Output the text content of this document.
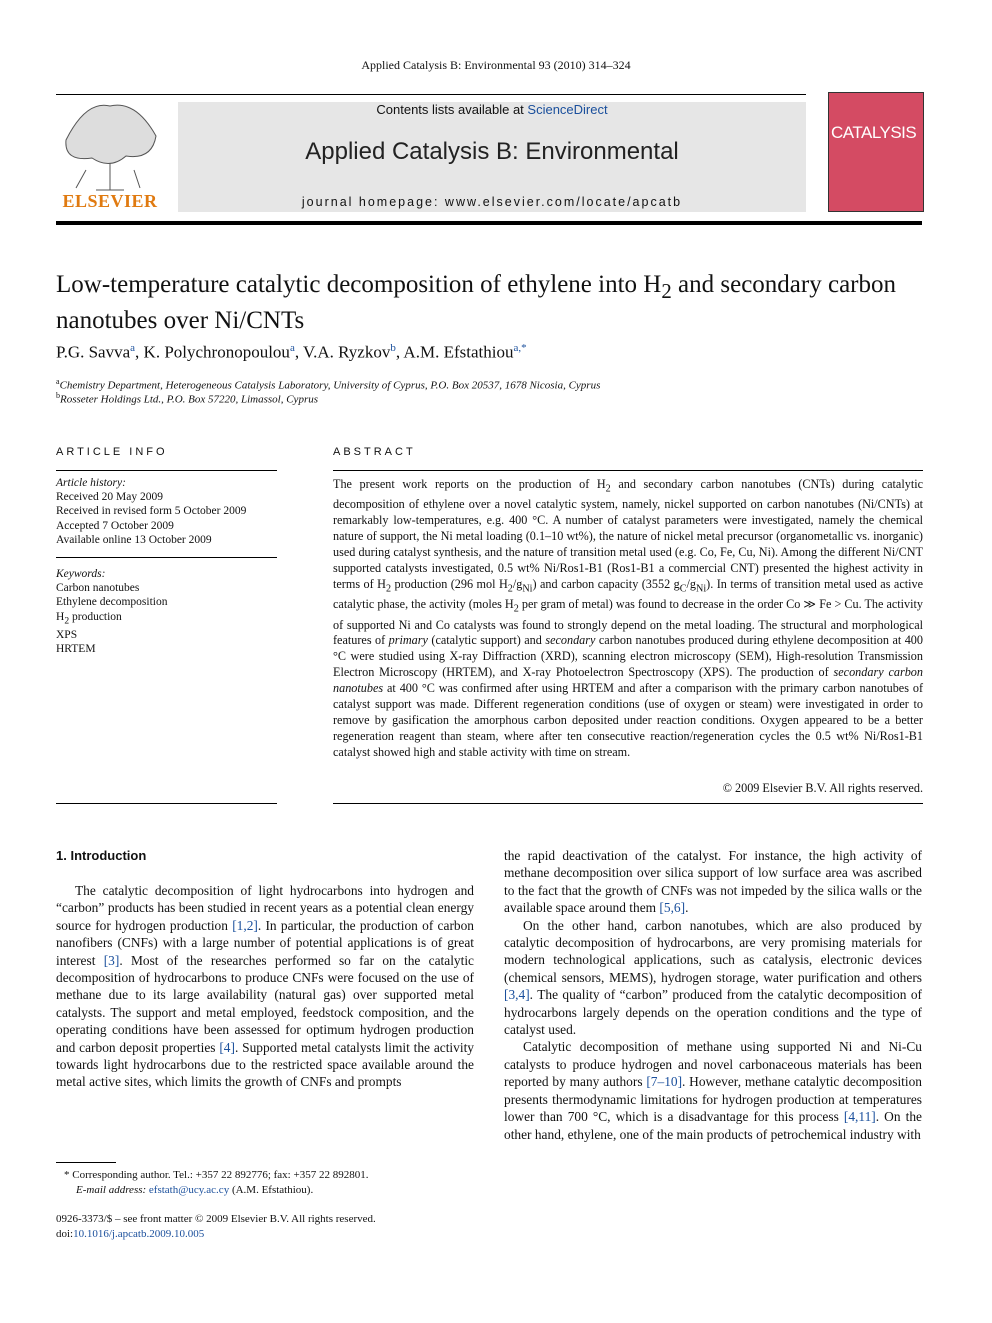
Applied Catalysis B: Environmental 93 (2010) 314–324
ELSEVIER
Contents lists available at ScienceDirect
Applied Catalysis B: Environmental
journal homepage: www.elsevier.com/locate/apcatb
CATALYSIS
Low-temperature catalytic decomposition of ethylene into $H_2$ and secondary carbon nanotubes over Ni/CNTs
P.G. Savva$^a$, K. Polychronopoulou$^a$, V.A. Ryzkov$^b$, A.M. Efstathiou$^{a,*}$
$^a$Chemistry Department, Heterogeneous Catalysis Laboratory, University of Cyprus, P.O. Box 20537, 1678 Nicosia, Cyprus
$^b$Rosseter Holdings Ltd., P.O. Box 57220, Limassol, Cyprus
ARTICLE INFO
Article history:
Received 20 May 2009
Received in revised form 5 October 2009
Accepted 7 October 2009
Available online 13 October 2009
Keywords:
Carbon nanotubes
Ethylene decomposition
$H_2$ production
XPS
HRTEM
ABSTRACT
The present work reports on the production of $H_2$ and secondary carbon nanotubes (CNTs) during catalytic decomposition of ethylene over a novel catalytic system, namely, nickel supported on carbon nanotubes (Ni/CNTs) at remarkably low-temperatures, e.g. 400 °C. A number of catalyst parameters were investigated, namely the chemical nature of support, the Ni metal loading (0.1–10 wt%), the nature of nickel metal precursor (organometallic vs. inorganic) used during catalyst synthesis, and the nature of transition metal used (e.g. Co, Fe, Cu, Ni). Among the different Ni/CNT supported catalysts investigated, 0.5 wt% Ni/Ros1-B1 (Ros1-B1 a commercial CNT) presented the highest activity in terms of $H_2$ production (296 mol $H_2/g_{Ni}$) and carbon capacity (3552 $g_C/g_{Ni}$). In terms of transition metal used as active catalytic phase, the activity (moles $H_2$ per gram of metal) was found to decrease in the order Co ≫ Fe > Cu. The activity of supported Ni and Co catalysts was found to strongly depend on the metal loading. The structural and morphological features of primary (catalytic support) and secondary carbon nanotubes produced during ethylene decomposition at 400 °C were studied using X-ray Diffraction (XRD), scanning electron microscopy (SEM), High-resolution Transmission Electron Microscopy (HRTEM), and X-ray Photoelectron Spectroscopy (XPS). The production of secondary carbon nanotubes at 400 °C was confirmed after using HRTEM and after a comparison with the primary carbon nanotubes of catalyst support was made. Different regeneration conditions (use of oxygen or steam) were investigated in order to remove by gasification the amorphous carbon deposited under reaction conditions. Oxygen appeared to be a better regeneration reagent than steam, where after ten consecutive reaction/regeneration cycles the 0.5 wt% Ni/Ros1-B1 catalyst showed high and stable activity with time on stream.
© 2009 Elsevier B.V. All rights reserved.
1. Introduction

The catalytic decomposition of light hydrocarbons into hydrogen and “carbon” products has been studied in recent years as a potential clean energy source for hydrogen production [1,2]. In particular, the production of carbon nanofibers (CNFs) with a large number of potential applications is of great interest [3]. Most of the researches performed so far on the catalytic decomposition of hydrocarbons to produce CNFs were focused on the use of methane due to its large availability (natural gas) over supported metal catalysts. The support and metal employed, feedstock composition, and the operating conditions have been assessed for optimum hydrogen production and carbon deposit properties [4]. Supported metal catalysts limit the activity towards light hydrocarbons due to the restricted space available around the metal active sites, which limits the growth of CNFs and prompts

the rapid deactivation of the catalyst. For instance, the high activity of methane decomposition over silica support of low surface area was ascribed to the fact that the growth of CNFs was not impeded by the silica walls or the available space around them [5,6].

On the other hand, carbon nanotubes, which are also produced by catalytic decomposition of hydrocarbons, are very promising materials for modern technological applications, such as catalysis, electronic devices (chemical sensors, MEMS), hydrogen storage, water purification and others [3,4]. The quality of “carbon” produced from the catalytic decomposition of hydrocarbons largely depends on the operation conditions and the type of catalyst used.

Catalytic decomposition of methane using supported Ni and Ni-Cu catalysts to produce hydrogen and novel carbonaceous materials has been reported by many authors [7–10]. However, methane catalytic decomposition presents thermodynamic limitations for hydrogen production at temperatures lower than 700 °C, which is a disadvantage for this process [4,11]. On the other hand, ethylene, one of the main products of petrochemical industry with

* Corresponding author. Tel.: +357 22 892776; fax: +357 22 892801.
E-mail address: efstath@ucy.ac.cy (A.M. Efstathiou).
0926-3373/$ – see front matter © 2009 Elsevier B.V. All rights reserved.
doi:10.1016/j.apcatb.2009.10.005
